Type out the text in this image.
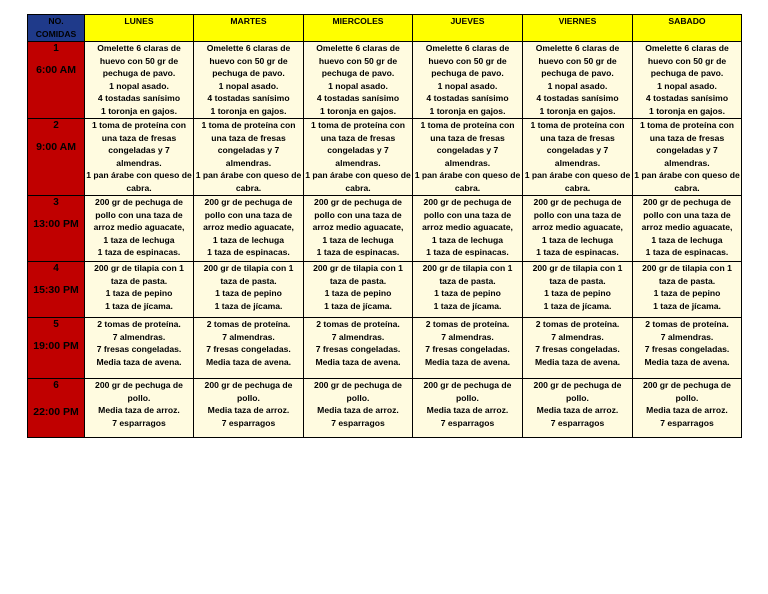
NO. COMIDAS	LUNES	MARTES	MIERCOLES	JUEVES	VIERNES	SABADO

1
6:00 AM	Omelette 6 claras de huevo con 50 gr de pechuga de pavo.
1 nopal asado.
4 tostadas sanísimo
1 toronja en gajos.	Omelette 6 claras de huevo con 50 gr de pechuga de pavo.
1 nopal asado.
4 tostadas sanísimo
1 toronja en gajos.	Omelette 6 claras de huevo con 50 gr de pechuga de pavo.
1 nopal asado.
4 tostadas sanísimo
1 toronja en gajos.	Omelette 6 claras de huevo con 50 gr de pechuga de pavo.
1 nopal asado.
4 tostadas sanísimo
1 toronja en gajos.	Omelette 6 claras de huevo con 50 gr de pechuga de pavo.
1 nopal asado.
4 tostadas sanísimo
1 toronja en gajos.	Omelette 6 claras de huevo con 50 gr de pechuga de pavo.
1 nopal asado.
4 tostadas sanísimo
1 toronja en gajos.

2
9:00 AM	1 toma de proteína con una taza de fresas congeladas y 7 almendras.
1 pan árabe con queso de cabra.	1 toma de proteína con una taza de fresas congeladas y 7 almendras.
1 pan árabe con queso de cabra.	1 toma de proteína con una taza de fresas congeladas y 7 almendras.
1 pan árabe con queso de cabra.	1 toma de proteína con una taza de fresas congeladas y 7 almendras.
1 pan árabe con queso de cabra.	1 toma de proteína con una taza de fresas congeladas y 7 almendras.
1 pan árabe con queso de cabra.	1 toma de proteína con una taza de fresas congeladas y 7 almendras.
1 pan árabe con queso de cabra.

3
13:00 PM	200 gr de pechuga de pollo con una taza de arroz medio aguacate,
1 taza de lechuga
1 taza de espinacas.	200 gr de pechuga de pollo con una taza de arroz medio aguacate,
1 taza de lechuga
1 taza de espinacas.	200 gr de pechuga de pollo con una taza de arroz medio aguacate,
1 taza de lechuga
1 taza de espinacas.	200 gr de pechuga de pollo con una taza de arroz medio aguacate,
1 taza de lechuga
1 taza de espinacas.	200 gr de pechuga de pollo con una taza de arroz medio aguacate,
1 taza de lechuga
1 taza de espinacas.	200 gr de pechuga de pollo con una taza de arroz medio aguacate,
1 taza de lechuga
1 taza de espinacas.

4
15:30 PM	200 gr de tilapia con 1 taza de pasta.
1 taza de pepino
1 taza de jícama.	200 gr de tilapia con 1 taza de pasta.
1 taza de pepino
1 taza de jícama.	200 gr de tilapia con 1 taza de pasta.
1 taza de pepino
1 taza de jícama.	200 gr de tilapia con 1 taza de pasta.
1 taza de pepino
1 taza de jícama.	200 gr de tilapia con 1 taza de pasta.
1 taza de pepino
1 taza de jícama.	200 gr de tilapia con 1 taza de pasta.
1 taza de pepino
1 taza de jícama.

5
19:00 PM	2 tomas de proteína.
7 almendras.
7 fresas congeladas.
Media taza de avena.	2 tomas de proteína.
7 almendras.
7 fresas congeladas.
Media taza de avena.	2 tomas de proteína.
7 almendras.
7 fresas congeladas.
Media taza de avena.	2 tomas de proteína.
7 almendras.
7 fresas congeladas.
Media taza de avena.	2 tomas de proteína.
7 almendras.
7 fresas congeladas.
Media taza de avena.	2 tomas de proteína.
7 almendras.
7 fresas congeladas.
Media taza de avena.

6
22:00 PM	200 gr de pechuga de pollo.
Media taza de arroz.
7 esparragos	200 gr de pechuga de pollo.
Media taza de arroz.
7 esparragos	200 gr de pechuga de pollo.
Media taza de arroz.
7 esparragos	200 gr de pechuga de pollo.
Media taza de arroz.
7 esparragos	200 gr de pechuga de pollo.
Media taza de arroz.
7 esparragos	200 gr de pechuga de pollo.
Media taza de arroz.
7 esparragos
